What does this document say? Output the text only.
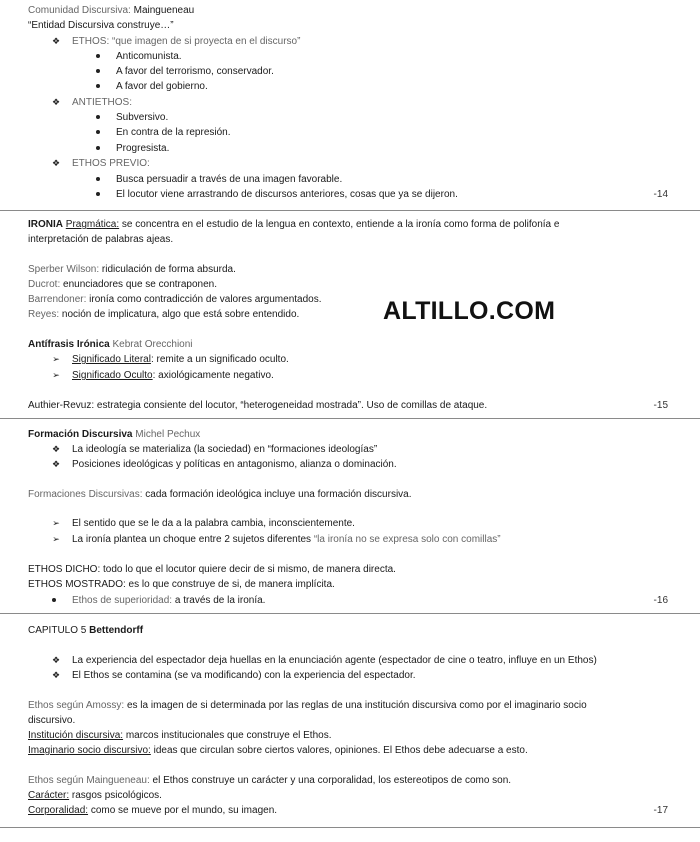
Comunidad Discursiva: Maingueneau
“Entidad Discursiva construye…”
❖ ETHOS: “que imagen de si proyecta en el discurso”
Anticomunista.
A favor del terrorismo, conservador.
A favor del gobierno.
❖ ANTIETHOS:
Subversivo.
En contra de la represión.
Progresista.
❖ ETHOS PREVIO:
Busca persuadir a través de una imagen favorable.
El locutor viene arrastrando de discursos anteriores, cosas que ya se dijeron.	-14
IRONIA Pragmática: se concentra en el estudio de la lengua en contexto, entiende a la ironía como forma de polifonía e
interpretación de palabras ajeas.
Sperber Wilson: ridiculación de forma absurda.
Ducrot: enunciadores que se contraponen.
Barrendoner: ironía como contradicción de valores argumentados.
Reyes: noción de implicatura, algo que está sobre entendido.	ALTILLO.COM
Antífrasis Irónica Kebrat Orecchioni
➢ Significado Literal: remite a un significado oculto.
➢ Significado Oculto: axiológicamente negativo.
Authier-Revuz: estrategia consiente del locutor, “heterogeneidad mostrada”. Uso de comillas de ataque.	-15
Formación Discursiva Michel Pechux
❖ La ideología se materializa (la sociedad) en “formaciones ideologías”
❖ Posiciones ideológicas y políticas en antagonismo, alianza o dominación.
Formaciones Discursivas: cada formación ideológica incluye una formación discursiva.
➢ El sentido que se le da a la palabra cambia, inconscientemente.
➢ La ironía plantea un choque entre 2 sujetos diferentes “la ironía no se expresa solo con comillas”
ETHOS DICHO: todo lo que el locutor quiere decir de si mismo, de manera directa.
ETHOS MOSTRADO: es lo que construye de si, de manera implícita.
Ethos de superioridad: a través de la ironía.	-16
CAPITULO 5 Bettendorff
❖ La experiencia del espectador deja huellas en la enunciación agente (espectador de cine o teatro, influye en un Ethos)
❖ El Ethos se contamina (se va modificando) con la experiencia del espectador.
Ethos según Amossy: es la imagen de si determinada por las reglas de una institución discursiva como por el imaginario socio
discursivo.
Institución discursiva: marcos institucionales que construye el Ethos.
Imaginario socio discursivo: ideas que circulan sobre ciertos valores, opiniones. El Ethos debe adecuarse a esto.
Ethos según Maingueneau: el Ethos construye un carácter y una corporalidad, los estereotipos de como son.
Carácter: rasgos psicológicos.
Corporalidad: como se mueve por el mundo, su imagen.	-17
